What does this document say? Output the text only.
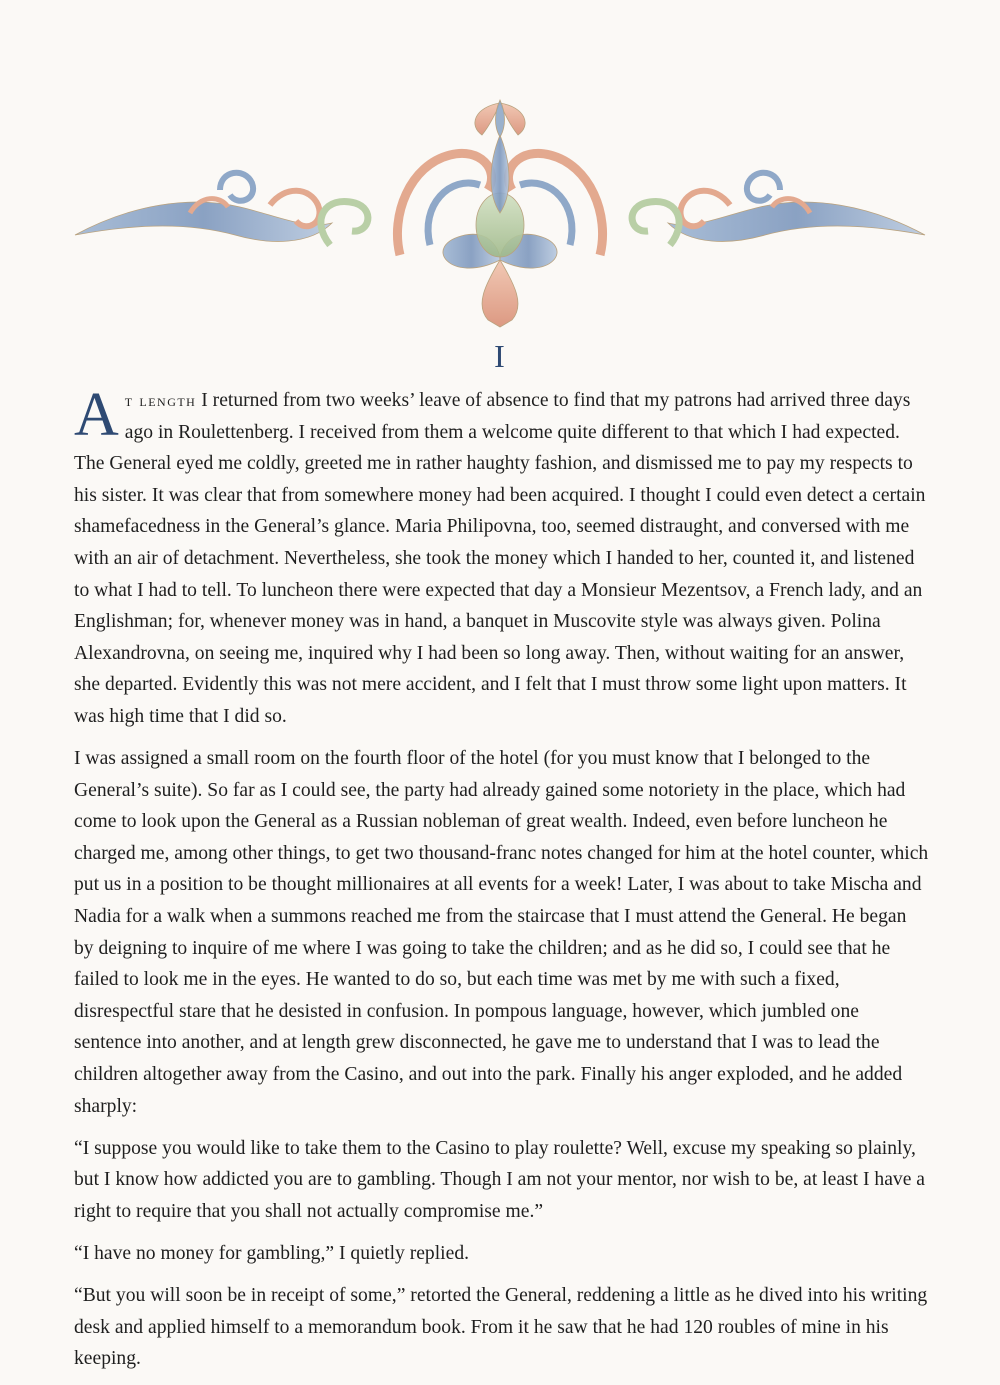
I

At length I returned from two weeks’ leave of absence to find that my patrons had arrived three days ago in Roulettenberg. I received from them a welcome quite different to that which I had expected. The General eyed me coldly, greeted me in rather haughty fashion, and dismissed me to pay my respects to his sister. It was clear that from somewhere money had been acquired. I thought I could even detect a certain shamefacedness in the General’s glance. Maria Philipovna, too, seemed distraught, and conversed with me with an air of detachment. Nevertheless, she took the money which I handed to her, counted it, and listened to what I had to tell. To luncheon there were expected that day a Monsieur Mezentsov, a French lady, and an Englishman; for, whenever money was in hand, a banquet in Muscovite style was always given. Polina Alexandrovna, on seeing me, inquired why I had been so long away. Then, without waiting for an answer, she departed. Evidently this was not mere accident, and I felt that I must throw some light upon matters. It was high time that I did so.

I was assigned a small room on the fourth floor of the hotel (for you must know that I belonged to the General’s suite). So far as I could see, the party had already gained some notoriety in the place, which had come to look upon the General as a Russian nobleman of great wealth. Indeed, even before luncheon he charged me, among other things, to get two thousand-franc notes changed for him at the hotel counter, which put us in a position to be thought millionaires at all events for a week! Later, I was about to take Mischa and Nadia for a walk when a summons reached me from the staircase that I must attend the General. He began by deigning to inquire of me where I was going to take the children; and as he did so, I could see that he failed to look me in the eyes. He wanted to do so, but each time was met by me with such a fixed, disrespectful stare that he desisted in confusion. In pompous language, however, which jumbled one sentence into another, and at length grew disconnected, he gave me to understand that I was to lead the children altogether away from the Casino, and out into the park. Finally his anger exploded, and he added sharply:

“I suppose you would like to take them to the Casino to play roulette? Well, excuse my speaking so plainly, but I know how addicted you are to gambling. Though I am not your mentor, nor wish to be, at least I have a right to require that you shall not actually compromise me.”

“I have no money for gambling,” I quietly replied.

“But you will soon be in receipt of some,” retorted the General, reddening a little as he dived into his writing desk and applied himself to a memorandum book. From it he saw that he had 120 roubles of mine in his keeping.
